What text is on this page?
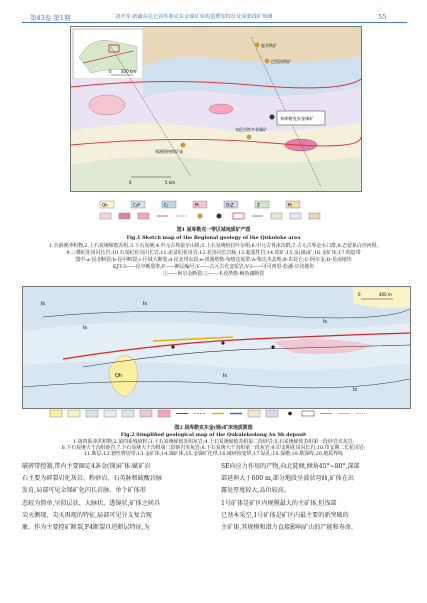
第43卷 第1期	刘庆等:新疆东昆仑祁库勒克东金锑矿床构造叠加特征及深部找矿预测	55
0 300 km
祁库勒克东金锑矿
驼开铁矿
祁漫塔格铁矿床
布伦台铁多金属矿
巴里沟铁矿
0	5 km
Qh	C₂P	C₁	Pt	O₁Z	Z	Pt
图1 屈库勒克一带区域地质矿产图
Fig.1 Sketch map of the Regional geology of the Qukuleke area
1.全新统冲积物;2.上石炭统缔敖苏组;3.下石炭统;4.中元古界狼牙山组;5.上石炭统哈拉叶尔组;6.中元古界冰沟群;7.古元古界金水口群;8.志留系白沙河组;
9.三叠纪花岗闪长岩;10.石炭纪花岗闪长岩;11.泥盆纪花岗岩;12.花岗闪长岩脉;13.超基性岩;14.铁矿;15.金(锑)矿;16.金矿床;17.构造带
图中:a-昆北断裂;b-昆中断裂;c-区域大断裂;d-昆北带东段;e-祁漫塔格-布喀达坂带;A-柴达木盆地;B-东昆仑;C-阿尔金;D-昆南地块
KJT-3——昆中断裂带;F——断层编号;V——古元古代变质岩;V-I——可可西里-松潘-甘孜地块
①——阿尔金断裂;②——木孜塔格-鲸鱼湖断裂
ls
ls
ls
ls
ls
ls
Qh
0	400 m
图2 屈库勒克东金(锑)矿床地质简图
Fig.2 Simplified geological map of the Qukulekedong Au Sb deposit
1.第四系冲洪积物;2.第四系残坡积;3.上石炭统缔敖苏组灰岩;4.上石炭统缔敖苏组第二段砂岩;5.石炭统缔敖苏组第一段砂岩夹灰岩;
6.下石炭统大干沟组砂岩;7.下石炭统大干沟组第二段砂岩夹灰岩;8.下石炭统大干沟组第一段灰岩;9.印支期花岗闪长岩;10.印支期二长花岗岩;
11.断层;12.韧性剪切带;13.金矿体;14.锑矿体;15.金锑矿化带;16.破碎蚀变带;17.钻孔;18.探槽;19.勘探线;20.地质界线
破碎带控制,带内主要圈定4条金(锑)矿体:赋矿岩
石主要为碎裂岩化灰岩、粉砂岩、石英脉和硫酸岩脉
发育,局部可见金锑矿化闪长岩脉。单个矿体形
态较为简单,呈似层状、大脉状、透镜状,矿体之间具
尖灭侧现、尖灭再现的特征,局部可见分支复合现
象。作为主要控矿断裂,F4断裂具逆断层特征,为
SE向应力作用的产物,向北陡倾,倾角45°~80°,深部
部延伸大于600 m,部分地段呈波状弯曲,矿体在出
露处厚度较大,品位较高。
1号矿体是矿区内规模最大的主矿体,但浅部
已基本采空,1号矿体是矿区内最主要的新突破的
主矿体,其规模和潜力直接影响矿山的产能和寿命。
